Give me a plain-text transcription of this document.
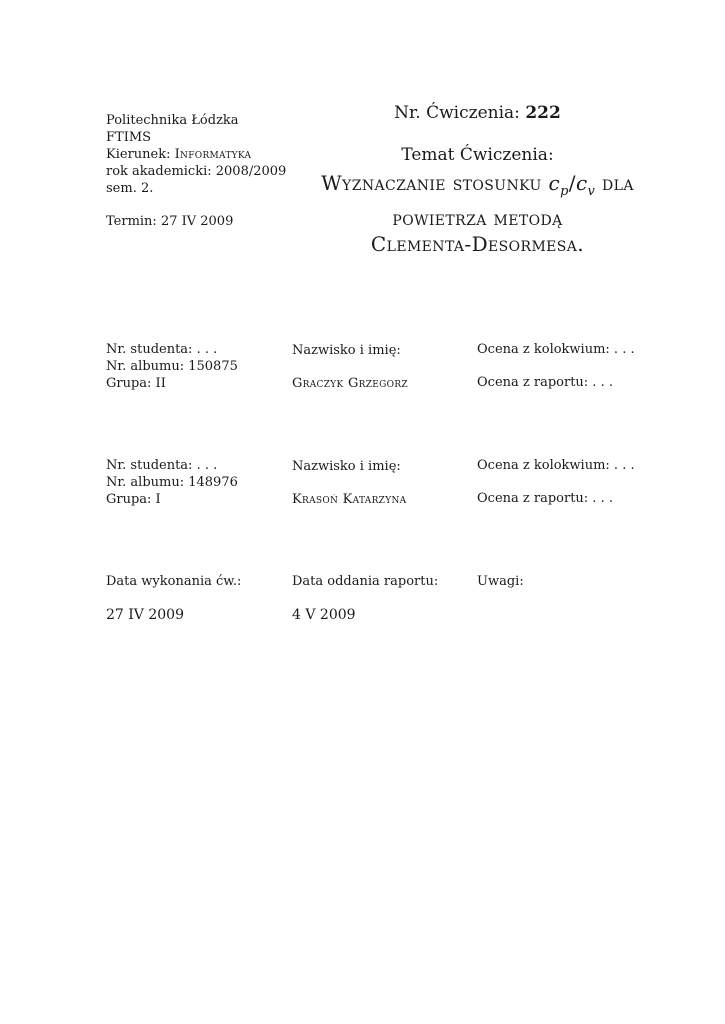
Politechnika Łódzka
FTIMS
Kierunek: Informatyka
rok akademicki: 2008/2009
sem. 2.
Termin: 27 IV 2009
Nr. Ćwiczenia: 222
Temat Ćwiczenia:
Wyznaczanie stosunku $c_p/c_v$ dla
powietrza metodą
Clementa-Desormesa.
Nr. studenta: . . .
Nr. albumu: 150875
Grupa: II
Nazwisko i imię:
Graczyk Grzegorz
Ocena z kolokwium: . . .
Ocena z raportu: . . .
Nr. studenta: . . .
Nr. albumu: 148976
Grupa: I
Nazwisko i imię:
Krasoń Katarzyna
Ocena z kolokwium: . . .
Ocena z raportu: . . .
Data wykonania ćw.:
27 IV 2009
Data oddania raportu:
4 V 2009
Uwagi:
